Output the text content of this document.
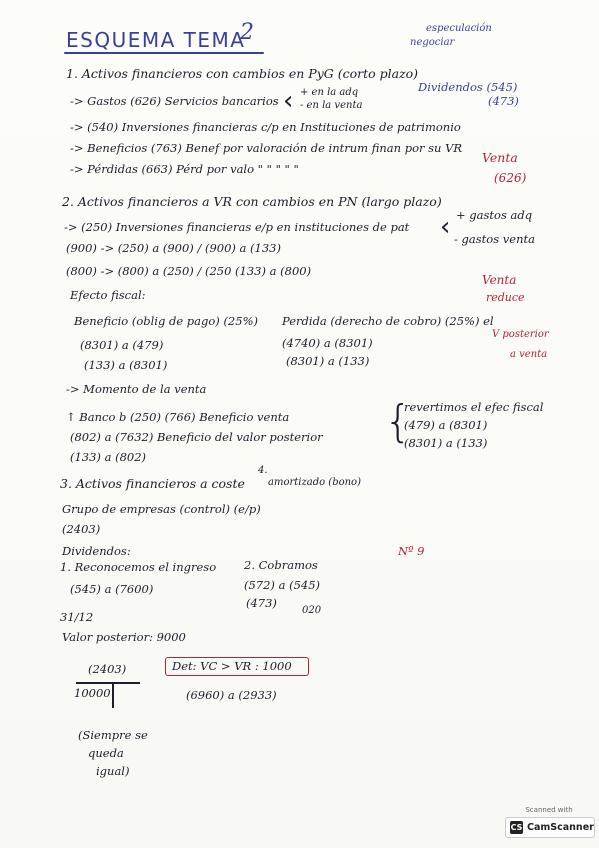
ESQUEMA TEMA
2	especulación
negociar
1. Activos financieros con cambios en PyG (corto plazo)
-> Gastos (626) Servicios bancarios ‹ + en la adq
- en la venta
Dividendos (545)
(473)
-> (540) Inversiones financieras c/p en Instituciones de patrimonio
-> Beneficios (763) Benef por valoración de intrum finan por su VR
-> Pérdidas (663) Pérd por valo " " " " "
Venta
(626)
2. Activos financieros a VR con cambios en PN (largo plazo)
-> (250) Inversiones financieras e/p en instituciones de pat ‹ + gastos adq
- gastos venta
(900) -> (250) a (900) / (900) a (133)
(800) -> (800) a (250) / (250 (133) a (800)
Venta
reduce
Efecto fiscal:
Beneficio (oblig de pago) (25%) Perdida (derecho de cobro) (25%) el
(8301) a (479)
(133) a (8301)
(4740) a (8301)
(8301) a (133)
V posterior
a venta
-> Momento de la venta
↑ Banco b (250) (766) Beneficio venta
(802) a (7632) Beneficio del valor posterior
(133) a (802)
{
revertimos el efec fiscal
(479) a (8301)
(8301) a (133)
4.
3. Activos financieros a coste amortizado (bono)
Grupo de empresas (control) (e/p)
(2403)
Dividendos:
1. Reconocemos el ingreso
(545) a (7600)
2. Cobramos
(572) a (545)
(473)
020
Nº 9
31/12
Valor posterior: 9000
(2403)
10000
Det: VC > VR : 1000
(6960) a (2933)
(Siempre se
queda
igual)
Scanned with
CS CamScanner
